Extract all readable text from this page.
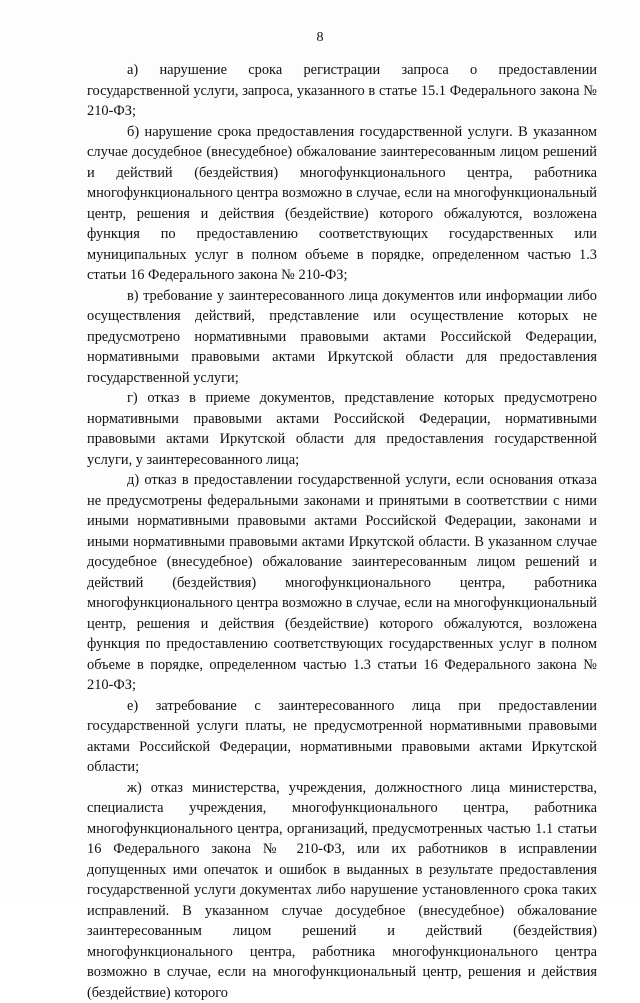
8

а) нарушение срока регистрации запроса о предоставлении государственной услуги, запроса, указанного в статье 15.1 Федерального закона № 210-ФЗ;

б) нарушение срока предоставления государственной услуги. В указанном случае досудебное (внесудебное) обжалование заинтересованным лицом решений и действий (бездействия) многофункционального центра, работника многофункционального центра возможно в случае, если на многофункциональный центр, решения и действия (бездействие) которого обжалуются, возложена функция по предоставлению соответствующих государственных или муниципальных услуг в полном объеме в порядке, определенном частью 1.3 статьи 16 Федерального закона № 210-ФЗ;

в) требование у заинтересованного лица документов или информации либо осуществления действий, представление или осуществление которых не предусмотрено нормативными правовыми актами Российской Федерации, нормативными правовыми актами Иркутской области для предоставления государственной услуги;

г) отказ в приеме документов, представление которых предусмотрено нормативными правовыми актами Российской Федерации, нормативными правовыми актами Иркутской области для предоставления государственной услуги, у заинтересованного лица;

д) отказ в предоставлении государственной услуги, если основания отказа не предусмотрены федеральными законами и принятыми в соответствии с ними иными нормативными правовыми актами Российской Федерации, законами и иными нормативными правовыми актами Иркутской области. В указанном случае досудебное (внесудебное) обжалование заинтересованным лицом решений и действий (бездействия) многофункционального центра, работника многофункционального центра возможно в случае, если на многофункциональный центр, решения и действия (бездействие) которого обжалуются, возложена функция по предоставлению соответствующих государственных услуг в полном объеме в порядке, определенном частью 1.3 статьи 16 Федерального закона № 210-ФЗ;

е) затребование с заинтересованного лица при предоставлении государственной услуги платы, не предусмотренной нормативными правовыми актами Российской Федерации, нормативными правовыми актами Иркутской области;

ж) отказ министерства, учреждения, должностного лица министерства, специалиста учреждения, многофункционального центра, работника многофункционального центра, организаций, предусмотренных частью 1.1 статьи 16 Федерального закона № 210-ФЗ, или их работников в исправлении допущенных ими опечаток и ошибок в выданных в результате предоставления государственной услуги документах либо нарушение установленного срока таких исправлений. В указанном случае досудебное (внесудебное) обжалование заинтересованным лицом решений и действий (бездействия) многофункционального центра, работника многофункционального центра возможно в случае, если на многофункциональный центр, решения и действия (бездействие) которого
